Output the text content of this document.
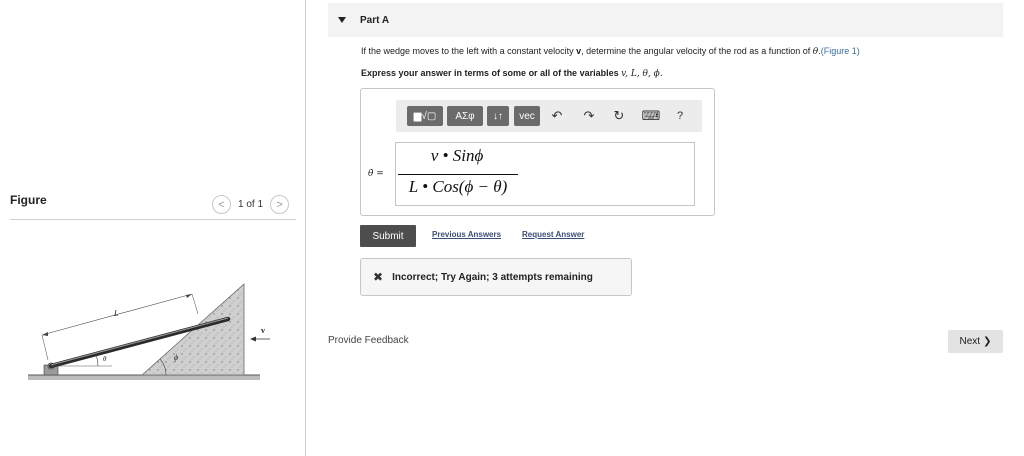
Figure	< 1 of 1 >
L
θ	ϕ
v
Part A
If the wedge moves to the left with a constant velocity v, determine the angular velocity of the rod as a function of θ.(Figure 1)
Express your answer in terms of some or all of the variables v, L, θ, ϕ.
▆√▢ ΑΣφ ↓↑ vec ↶ ↷ ↻ ⌨ ?
θ̇ =
v • Sinϕ
L • Cos(ϕ − θ)
Submit	Previous Answers	Request Answer
✖ Incorrect; Try Again; 3 attempts remaining
Provide Feedback	Next ❯
